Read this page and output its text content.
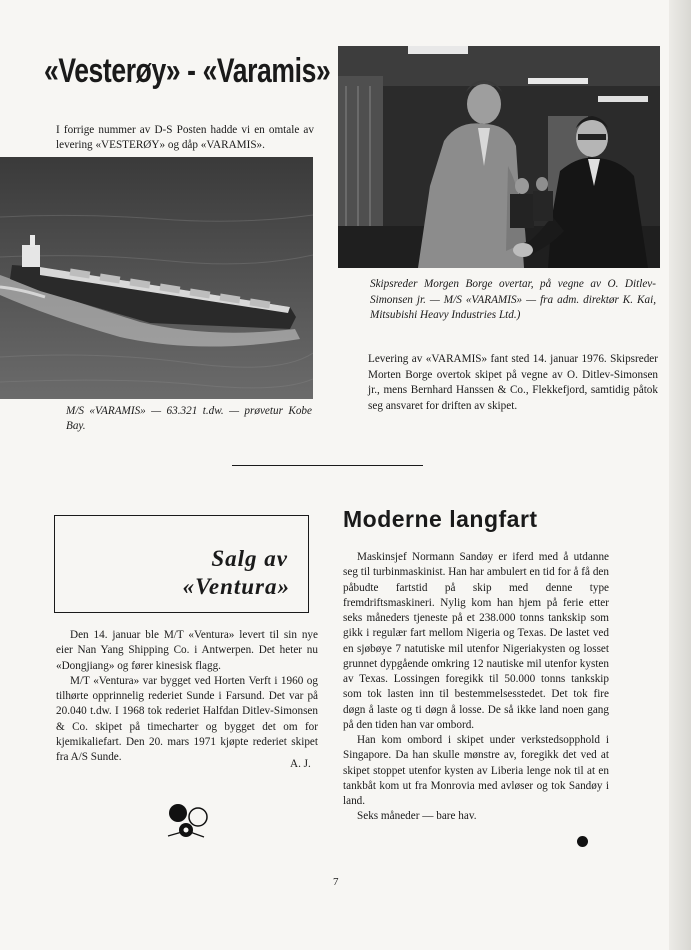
«Vesterøy» - «Varamis»
I forrige nummer av D-S Posten hadde vi en omtale av levering «VESTERØY» og dåp «VARAMIS».
M/S «VARAMIS» — 63.321 t.dw. — prøvetur Kobe Bay.
Skipsreder Morgen Borge overtar, på vegne av O. Ditlev-Simonsen jr. — M/S «VARAMIS» — fra adm. direktør K. Kai, Mitsubishi Heavy Industries Ltd.)
Levering av «VARAMIS» fant sted 14. januar 1976. Skipsreder Morten Borge overtok skipet på vegne av O. Ditlev-Simonsen jr., mens Bernhard Hanssen & Co., Flekkefjord, samtidig påtok seg ansvaret for driften av skipet.
Salg av
«Ventura»

Den 14. januar ble M/T «Ventura» levert til sin nye eier Nan Yang Shipping Co. i Antwerpen. Det heter nu «Dongjiang» og fører kinesisk flagg.

M/T «Ventura» var bygget ved Horten Verft i 1960 og tilhørte opprinnelig rederiet Sunde i Farsund. Det var på 20.040 t.dw. I 1968 tok rederiet Halfdan Ditlev-Simonsen & Co. skipet på timecharter og bygget det om for kjemikaliefart. Den 20. mars 1971 kjøpte rederiet skipet fra A/S Sunde.

A. J.
Moderne langfart

Maskinsjef Normann Sandøy er iferd med å utdanne seg til turbinmaskinist. Han har ambulert en tid for å få den påbudte fartstid på skip med denne type fremdriftsmaskineri. Nylig kom han hjem på ferie etter seks måneders tjeneste på et 238.000 tonns tankskip som gikk i regulær fart mellom Nigeria og Texas. De lastet ved en sjøbøye 7 natutiske mil utenfor Nigeriakysten og losset grunnet dypgående omkring 12 nautiske mil utenfor kysten av Texas. Lossingen foregikk til 50.000 tonns tankskip som tok lasten inn til bestemmelsesstedet. Det tok fire døgn å laste og ti døgn å losse. De så ikke land noen gang på den tiden han var ombord.

Han kom ombord i skipet under verkstedsopphold i Singapore. Da han skulle mønstre av, foregikk det ved at skipet stoppet utenfor kysten av Liberia lenge nok til at en tankbåt kom ut fra Monrovia med avløser og tok Sandøy i land.

Seks måneder — bare hav.

7
